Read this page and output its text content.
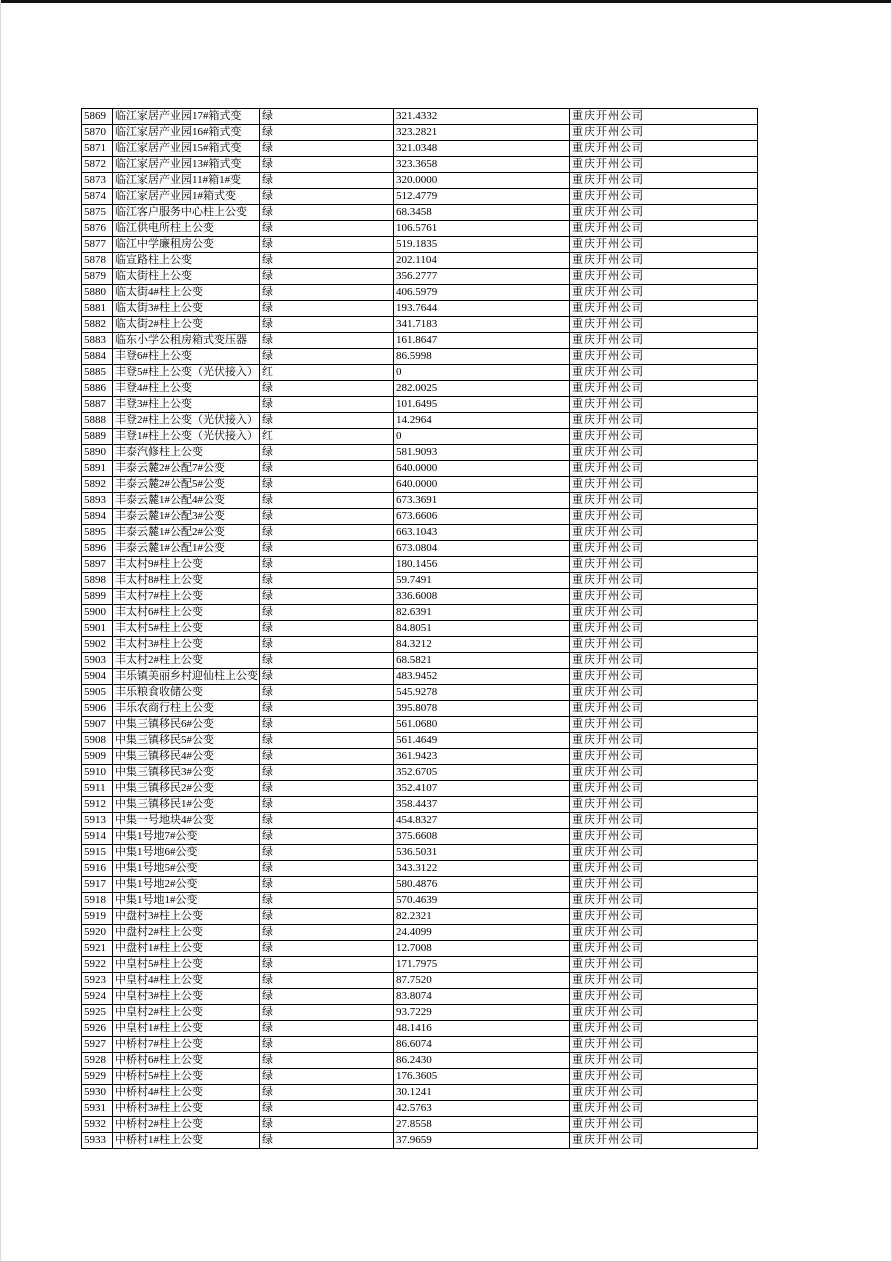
5869	临江家居产业园17#箱式变	绿	321.4332	重庆开州公司
5870	临江家居产业园16#箱式变	绿	323.2821	重庆开州公司
5871	临江家居产业园15#箱式变	绿	321.0348	重庆开州公司
5872	临江家居产业园13#箱式变	绿	323.3658	重庆开州公司
5873	临江家居产业园11#箱1#变	绿	320.0000	重庆开州公司
5874	临江家居产业园1#箱式变	绿	512.4779	重庆开州公司
5875	临江客户服务中心柱上公变	绿	68.3458	重庆开州公司
5876	临江供电所柱上公变	绿	106.5761	重庆开州公司
5877	临江中学廉租房公变	绿	519.1835	重庆开州公司
5878	临宣路柱上公变	绿	202.1104	重庆开州公司
5879	临太街柱上公变	绿	356.2777	重庆开州公司
5880	临太街4#柱上公变	绿	406.5979	重庆开州公司
5881	临太街3#柱上公变	绿	193.7644	重庆开州公司
5882	临太街2#柱上公变	绿	341.7183	重庆开州公司
5883	临东小学公租房箱式变压器	绿	161.8647	重庆开州公司
5884	丰登6#柱上公变	绿	86.5998	重庆开州公司
5885	丰登5#柱上公变（光伏接入）	红	0	重庆开州公司
5886	丰登4#柱上公变	绿	282.0025	重庆开州公司
5887	丰登3#柱上公变	绿	101.6495	重庆开州公司
5888	丰登2#柱上公变（光伏接入）	绿	14.2964	重庆开州公司
5889	丰登1#柱上公变（光伏接入）	红	0	重庆开州公司
5890	丰泰汽修柱上公变	绿	581.9093	重庆开州公司
5891	丰泰云麓2#公配7#公变	绿	640.0000	重庆开州公司
5892	丰泰云麓2#公配5#公变	绿	640.0000	重庆开州公司
5893	丰泰云麓1#公配4#公变	绿	673.3691	重庆开州公司
5894	丰泰云麓1#公配3#公变	绿	673.6606	重庆开州公司
5895	丰泰云麓1#公配2#公变	绿	663.1043	重庆开州公司
5896	丰泰云麓1#公配1#公变	绿	673.0804	重庆开州公司
5897	丰太村9#柱上公变	绿	180.1456	重庆开州公司
5898	丰太村8#柱上公变	绿	59.7491	重庆开州公司
5899	丰太村7#柱上公变	绿	336.6008	重庆开州公司
5900	丰太村6#柱上公变	绿	82.6391	重庆开州公司
5901	丰太村5#柱上公变	绿	84.8051	重庆开州公司
5902	丰太村3#柱上公变	绿	84.3212	重庆开州公司
5903	丰太村2#柱上公变	绿	68.5821	重庆开州公司
5904	丰乐镇美丽乡村迎仙柱上公变	绿	483.9452	重庆开州公司
5905	丰乐粮食收储公变	绿	545.9278	重庆开州公司
5906	丰乐农商行柱上公变	绿	395.8078	重庆开州公司
5907	中集三镇移民6#公变	绿	561.0680	重庆开州公司
5908	中集三镇移民5#公变	绿	561.4649	重庆开州公司
5909	中集三镇移民4#公变	绿	361.9423	重庆开州公司
5910	中集三镇移民3#公变	绿	352.6705	重庆开州公司
5911	中集三镇移民2#公变	绿	352.4107	重庆开州公司
5912	中集三镇移民1#公变	绿	358.4437	重庆开州公司
5913	中集一号地块4#公变	绿	454.8327	重庆开州公司
5914	中集1号地7#公变	绿	375.6608	重庆开州公司
5915	中集1号地6#公变	绿	536.5031	重庆开州公司
5916	中集1号地5#公变	绿	343.3122	重庆开州公司
5917	中集1号地2#公变	绿	580.4876	重庆开州公司
5918	中集1号地1#公变	绿	570.4639	重庆开州公司
5919	中盘村3#柱上公变	绿	82.2321	重庆开州公司
5920	中盘村2#柱上公变	绿	24.4099	重庆开州公司
5921	中盘村1#柱上公变	绿	12.7008	重庆开州公司
5922	中皇村5#柱上公变	绿	171.7975	重庆开州公司
5923	中皇村4#柱上公变	绿	87.7520	重庆开州公司
5924	中皇村3#柱上公变	绿	83.8074	重庆开州公司
5925	中皇村2#柱上公变	绿	93.7229	重庆开州公司
5926	中皇村1#柱上公变	绿	48.1416	重庆开州公司
5927	中桥村7#柱上公变	绿	86.6074	重庆开州公司
5928	中桥村6#柱上公变	绿	86.2430	重庆开州公司
5929	中桥村5#柱上公变	绿	176.3605	重庆开州公司
5930	中桥村4#柱上公变	绿	30.1241	重庆开州公司
5931	中桥村3#柱上公变	绿	42.5763	重庆开州公司
5932	中桥村2#柱上公变	绿	27.8558	重庆开州公司
5933	中桥村1#柱上公变	绿	37.9659	重庆开州公司
